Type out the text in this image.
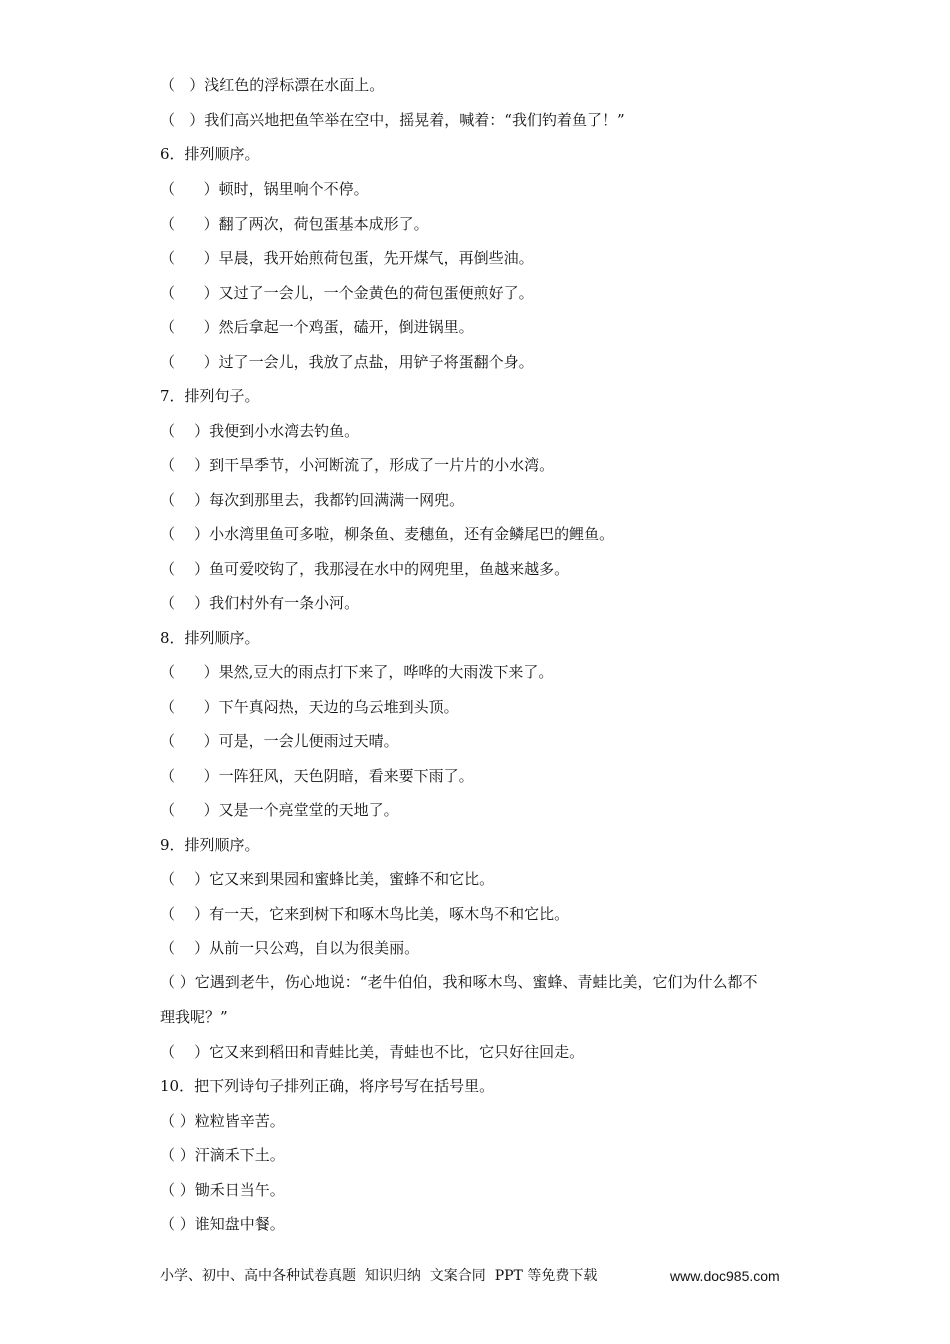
（   ）浅红色的浮标漂在水面上。
（   ）我们高兴地把鱼竿举在空中，摇晃着，喊着：“我们钓着鱼了！”
6．排列顺序。
（      ）顿时，锅里响个不停。
（      ）翻了两次，荷包蛋基本成形了。
（      ）早晨，我开始煎荷包蛋，先开煤气，再倒些油。
（      ）又过了一会儿，一个金黄色的荷包蛋便煎好了。
（      ）然后拿起一个鸡蛋，磕开，倒进锅里。
（      ）过了一会儿，我放了点盐，用铲子将蛋翻个身。
7．排列句子。
（    ）我便到小水湾去钓鱼。
（    ）到干旱季节，小河断流了，形成了一片片的小水湾。
（    ）每次到那里去，我都钓回满满一网兜。
（    ）小水湾里鱼可多啦，柳条鱼、麦穗鱼，还有金鳞尾巴的鲤鱼。
（    ）鱼可爱咬钩了，我那浸在水中的网兜里，鱼越来越多。
（    ）我们村外有一条小河。
8．排列顺序。
（      ）果然,豆大的雨点打下来了，哗哗的大雨泼下来了。
（      ）下午真闷热，天边的乌云堆到头顶。
（      ）可是，一会儿便雨过天晴。
（      ）一阵狂风，天色阴暗，看来要下雨了。
（      ）又是一个亮堂堂的天地了。
9．排列顺序。
（    ）它又来到果园和蜜蜂比美，蜜蜂不和它比。
（    ）有一天，它来到树下和啄木鸟比美，啄木鸟不和它比。
（    ）从前一只公鸡，自以为很美丽。
（ ）它遇到老牛，伤心地说：“老牛伯伯，我和啄木鸟、蜜蜂、青蛙比美，它们为什么都不理我呢？”
（    ）它又来到稻田和青蛙比美，青蛙也不比，它只好往回走。
10．把下列诗句子排列正确，将序号写在括号里。
（ ）粒粒皆辛苦。
（ ）汗滴禾下土。
（ ）锄禾日当午。
（ ）谁知盘中餐。
小学、初中、高中各种试卷真题  知识归纳  文案合同  PPT 等免费下载	www.doc985.com
